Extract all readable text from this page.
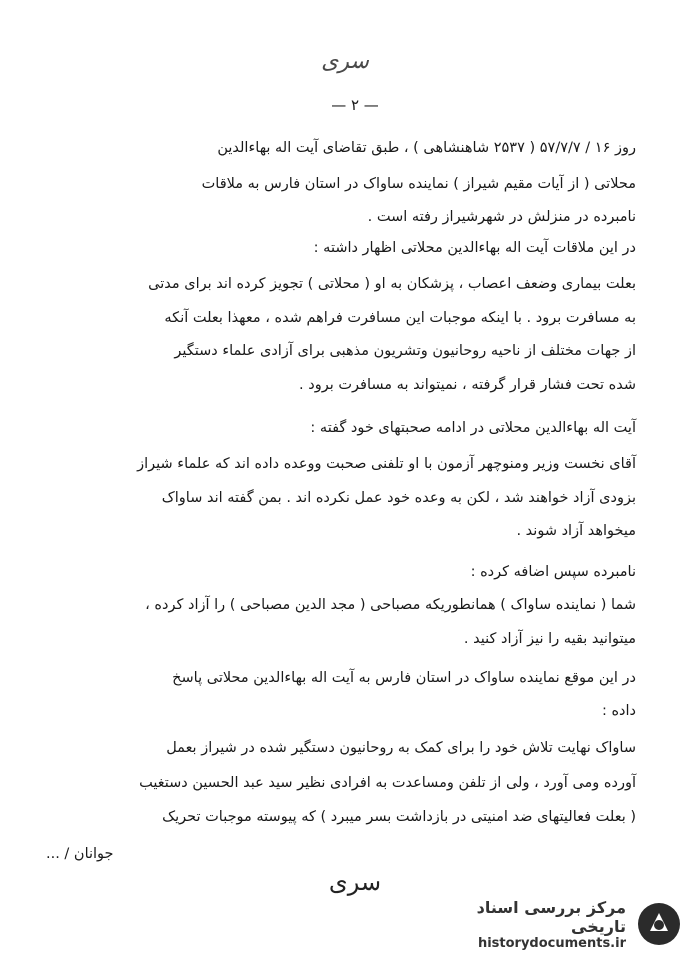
سری
— ٢ —
روز ۱۶ / ۵۷/۷/۷ ( ۲۵۳۷ شاهنشاهی ) ، طبق تقاضای آیت اله بهاءالدین
محلاتی ( از آیات مقیم شیراز ) نماینده ساواک در استان فارس به ملاقات
نامبرده در منزلش در شهرشیراز رفته است .
در این ملاقات آیت اله بهاءالدین محلاتی اظهار داشته :
بعلت بیماری وضعف اعصاب ، پزشکان به او ( محلاتی ) تجویز کرده اند برای مدتی
به مسافرت برود . با اینکه موجبات این مسافرت فراهم شده ، معهذا بعلت آنکه
از جهات مختلف از ناحیه روحانیون وتشریون مذهبی برای آزادی علماء دستگیر
شده تحت فشار قرار گرفته ، نمیتواند به مسافرت برود .
آیت اله بهاءالدین محلاتی در ادامه صحبتهای خود گفته :
آقای نخست وزیر ومنوچهر آزمون با او تلفنی صحبت ووعده داده اند که علماء شیراز
بزودی آزاد خواهند شد ، لکن به وعده خود عمل نکرده اند . بمن گفته اند ساواک
میخواهد آزاد شوند .
نامبرده سپس اضافه کرده :
شما ( نماینده ساواک ) همانطوریکه مصباحی ( مجد الدین مصباحی ) را آزاد کرده ،
میتوانید بقیه را نیز آزاد کنید .
در این موقع نماینده ساواک در استان فارس به آیت اله بهاءالدین محلاتی پاسخ
داده :
ساواک نهایت تلاش خود را برای کمک به روحانیون دستگیر شده در شیراز بعمل
آورده ومی آورد ، ولی از تلفن ومساعدت به افرادی نظیر سید عبد الحسین دستغیب
( بعلت فعالیتهای ضد امنیتی در بازداشت بسر میبرد ) که پیوسته موجبات تحریک
جوانان / ...
سری
مرکز بررسی اسناد تاریخی
historydocuments.ir
